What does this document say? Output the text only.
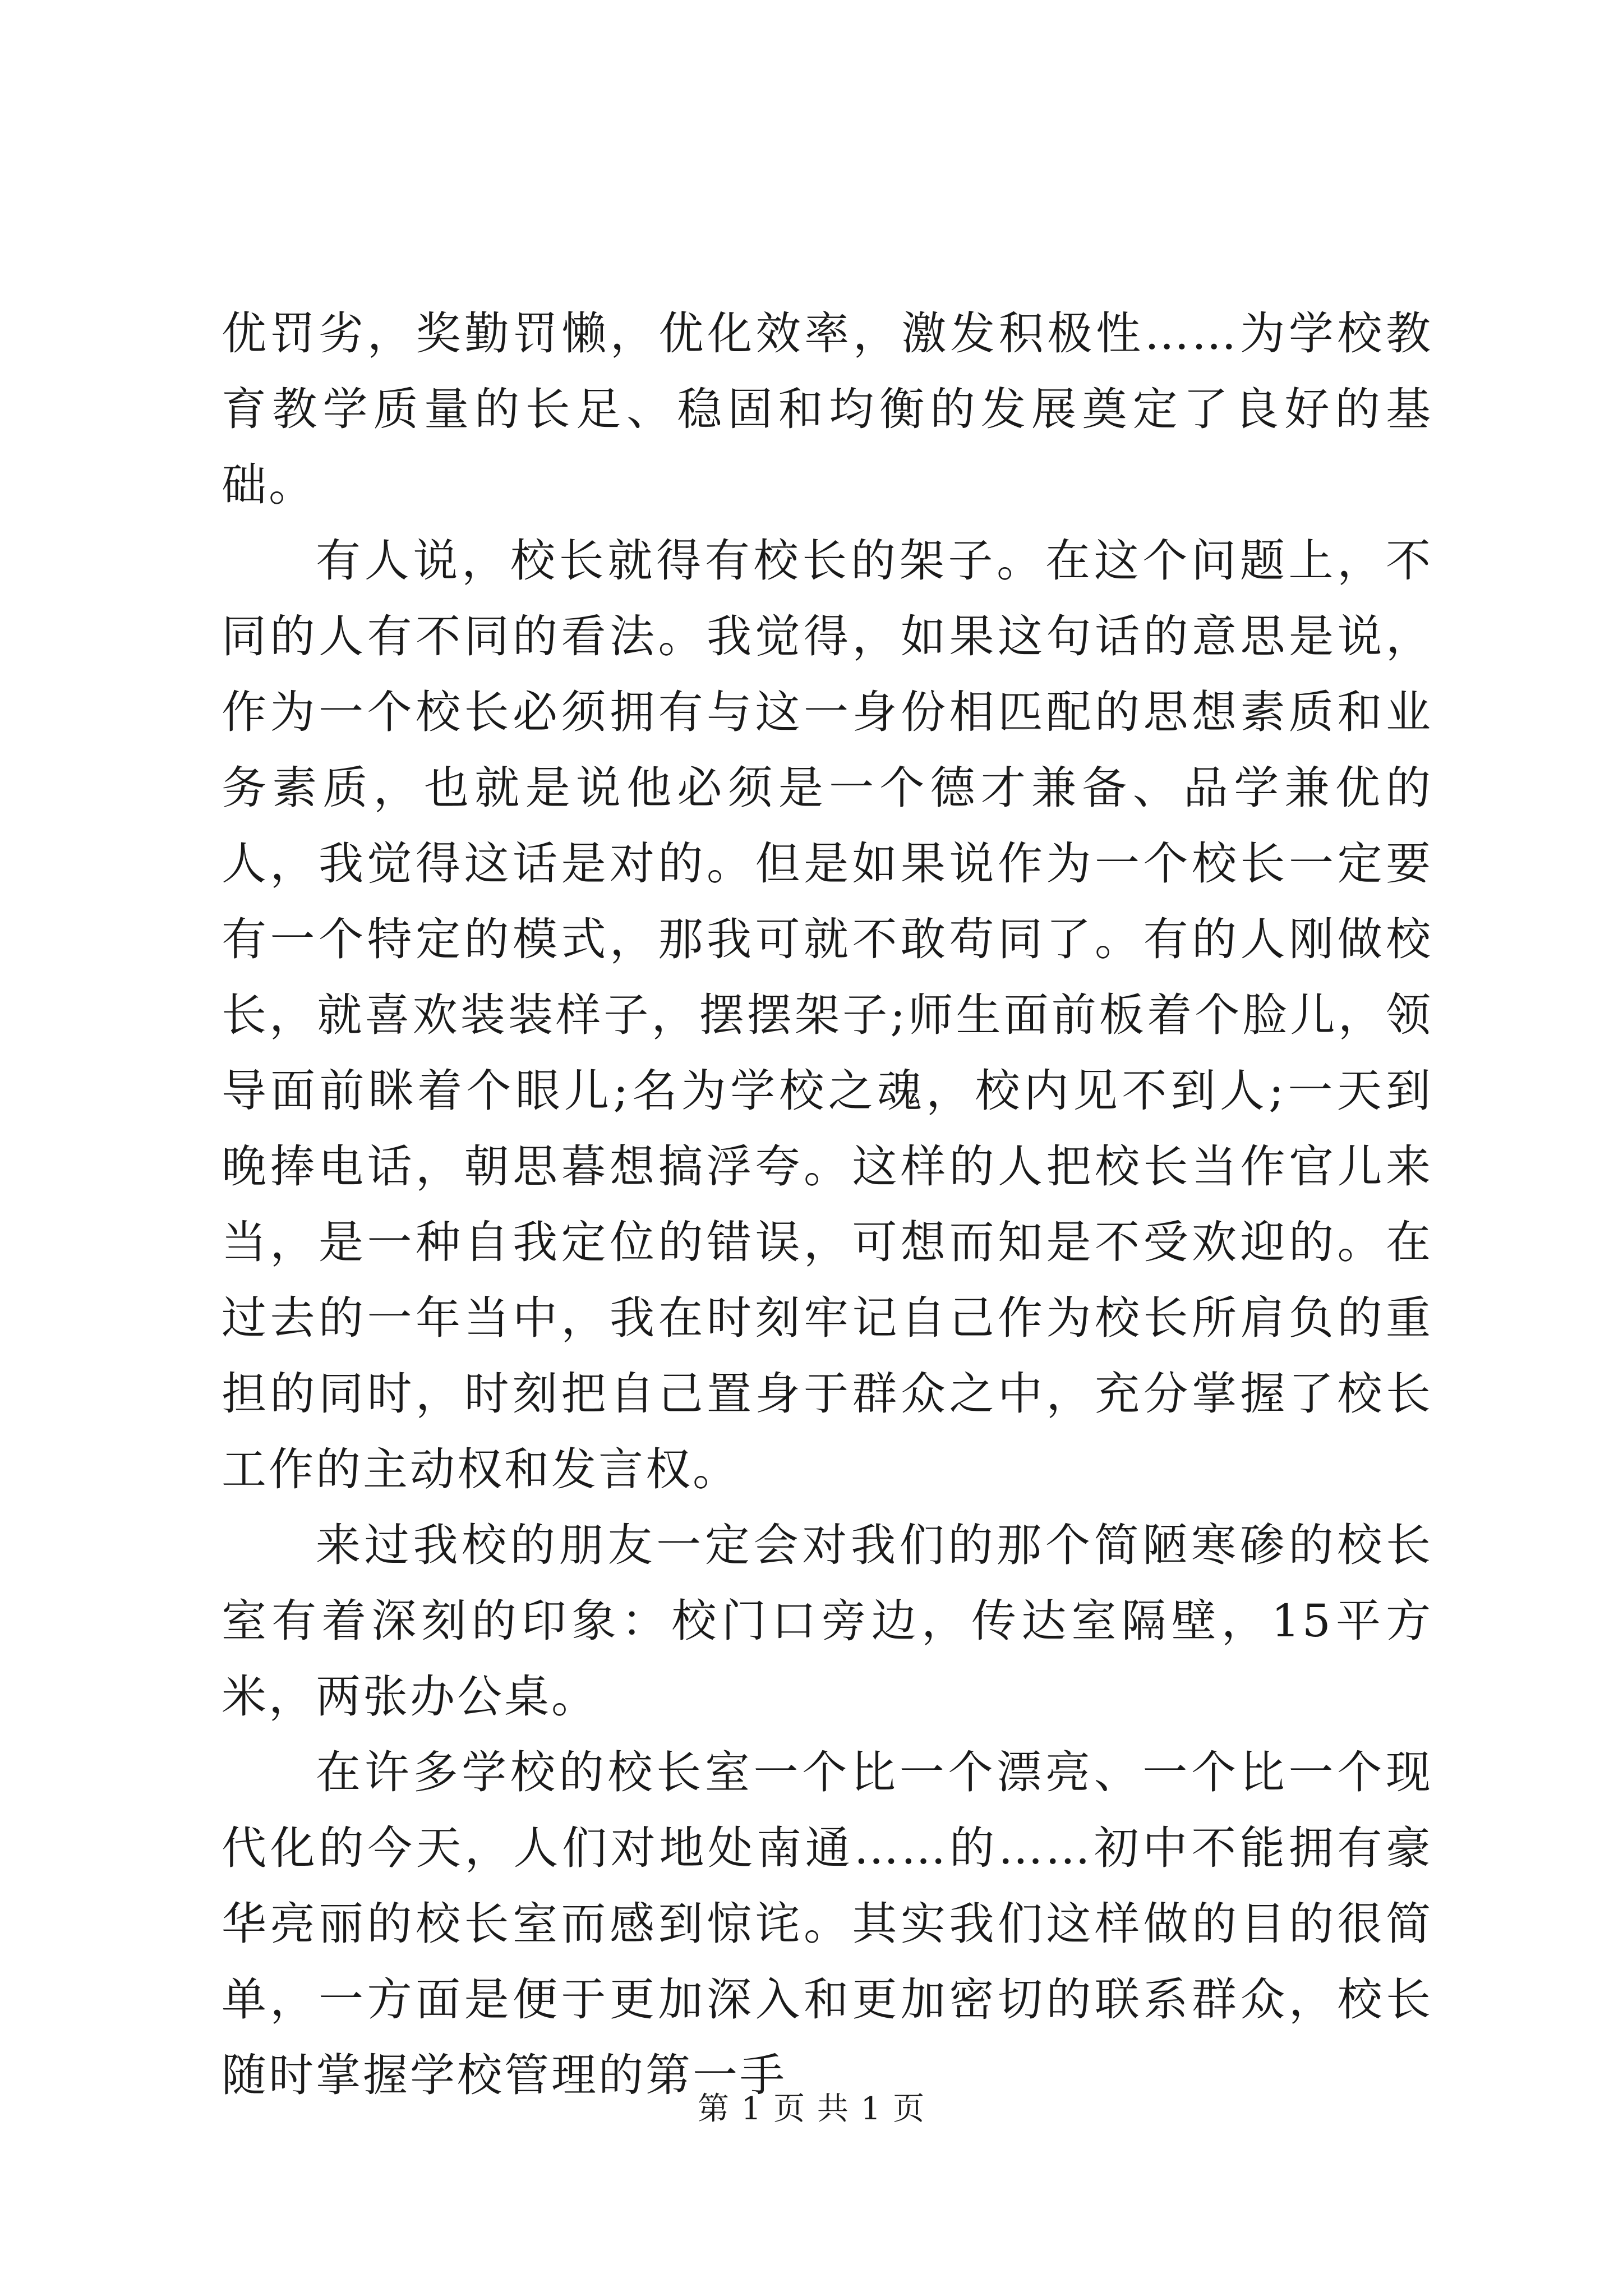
优罚劣，奖勤罚懒，优化效率，激发积极性……为学校教育教学质量的长足、稳固和均衡的发展奠定了良好的基础。

有人说，校长就得有校长的架子。在这个问题上，不同的人有不同的看法。我觉得，如果这句话的意思是说，作为一个校长必须拥有与这一身份相匹配的思想素质和业务素质，也就是说他必须是一个德才兼备、品学兼优的人，我觉得这话是对的。但是如果说作为一个校长一定要有一个特定的模式，那我可就不敢苟同了。有的人刚做校长，就喜欢装装样子，摆摆架子;师生面前板着个脸儿，领导面前眯着个眼儿;名为学校之魂，校内见不到人;一天到晚捧电话，朝思暮想搞浮夸。这样的人把校长当作官儿来当，是一种自我定位的错误，可想而知是不受欢迎的。在过去的一年当中，我在时刻牢记自己作为校长所肩负的重担的同时，时刻把自己置身于群众之中，充分掌握了校长工作的主动权和发言权。

来过我校的朋友一定会对我们的那个简陋寒碜的校长室有着深刻的印象：校门口旁边，传达室隔壁，15平方米，两张办公桌。

在许多学校的校长室一个比一个漂亮、一个比一个现代化的今天，人们对地处南通……的……初中不能拥有豪华亮丽的校长室而感到惊诧。其实我们这样做的目的很简单，一方面是便于更加深入和更加密切的联系群众，校长随时掌握学校管理的第一手

第 1 页 共 1 页
